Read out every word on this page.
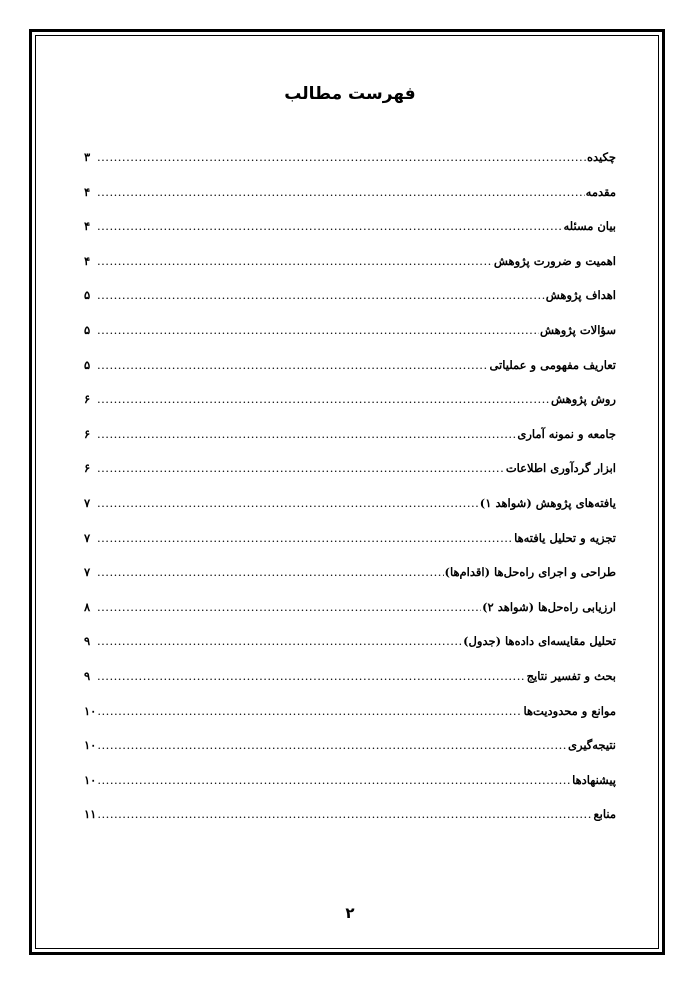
فهرست مطالب
چکیده
.....
۳
مقدمه
.....
۴
بیان مسئله
.....
۴
اهمیت و ضرورت پژوهش
.....
۴
اهداف پژوهش
.....
۵
سؤالات پژوهش
.....
۵
تعاریف مفهومی و عملیاتی
.....
۵
روش پژوهش
.....
۶
جامعه و نمونه آماری
.....
۶
ابزار گردآوری اطلاعات
.....
۶
یافته‌های پژوهش (شواهد ۱)
.....
۷
تجزیه و تحلیل یافته‌ها
.....
۷
طراحی و اجرای راه‌حل‌ها (اقدام‌ها)
.....
۷
ارزیابی راه‌حل‌ها (شواهد ۲)
.....
۸
تحلیل مقایسه‌ای داده‌ها (جدول)
.....
۹
بحث و تفسیر نتایج
.....
۹
موانع و محدودیت‌ها
.....
۱۰
نتیجه‌گیری
.....
۱۰
پیشنهادها
.....
۱۰
منابع
.....
۱۱
۲
